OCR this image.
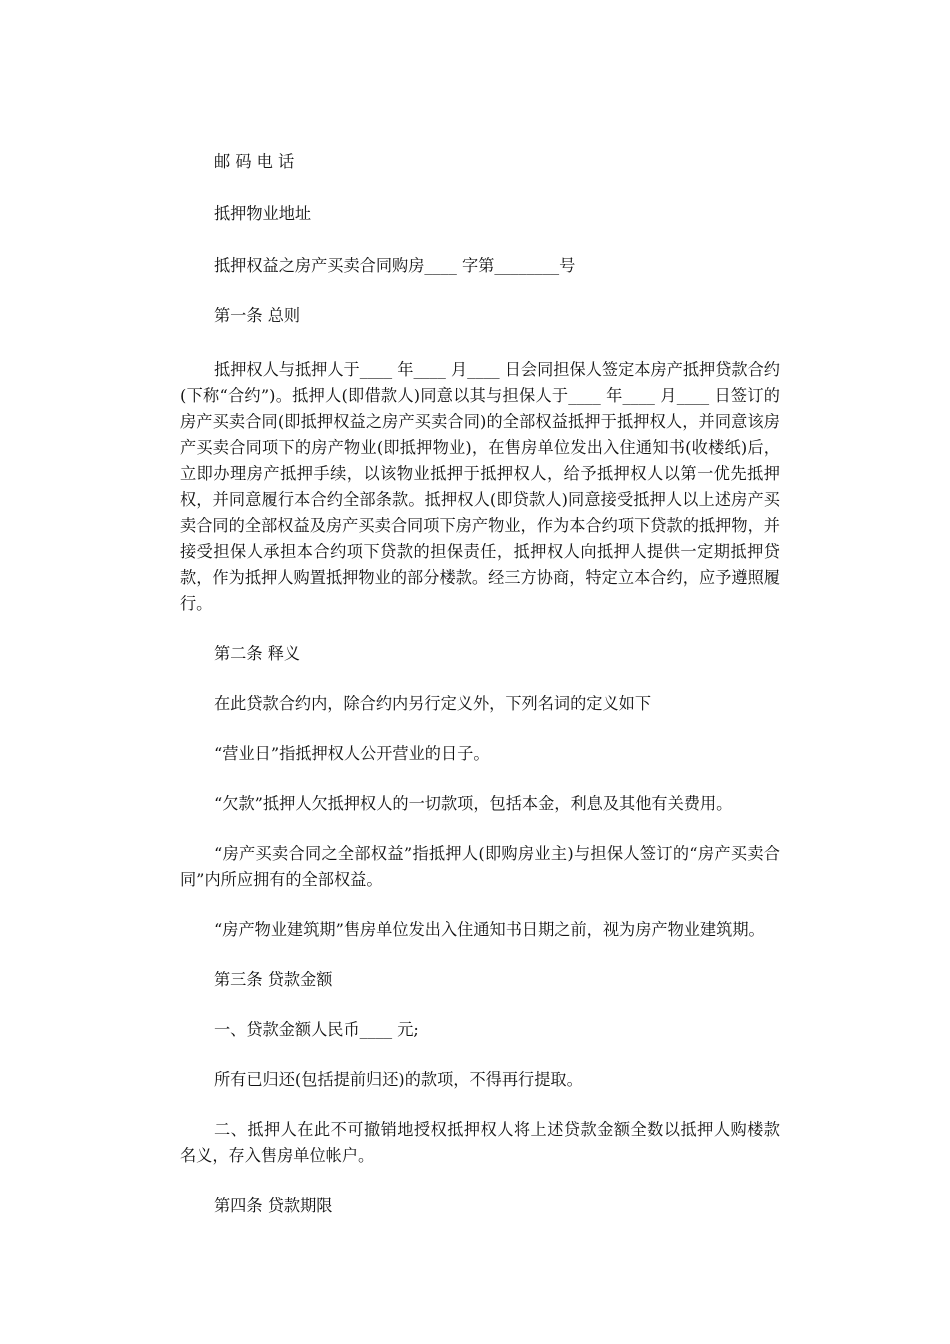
邮 码 电 话

抵押物业地址

抵押权益之房产买卖合同购房____ 字第________号

第一条 总则

抵押权人与抵押人于____ 年____ 月____ 日会同担保人签定本房产抵押贷款合约(下称“合约”)。抵押人(即借款人)同意以其与担保人于____ 年____ 月____ 日签订的房产买卖合同(即抵押权益之房产买卖合同)的全部权益抵押于抵押权人，并同意该房产买卖合同项下的房产物业(即抵押物业)，在售房单位发出入住通知书(收楼纸)后，立即办理房产抵押手续，以该物业抵押于抵押权人，给予抵押权人以第一优先抵押权，并同意履行本合约全部条款。抵押权人(即贷款人)同意接受抵押人以上述房产买卖合同的全部权益及房产买卖合同项下房产物业，作为本合约项下贷款的抵押物，并接受担保人承担本合约项下贷款的担保责任，抵押权人向抵押人提供一定期抵押贷款，作为抵押人购置抵押物业的部分楼款。经三方协商，特定立本合约，应予遵照履行。

第二条 释义

在此贷款合约内，除合约内另行定义外，下列名词的定义如下

“营业日”指抵押权人公开营业的日子。

“欠款”抵押人欠抵押权人的一切款项，包括本金，利息及其他有关费用。

“房产买卖合同之全部权益”指抵押人(即购房业主)与担保人签订的“房产买卖合同”内所应拥有的全部权益。

“房产物业建筑期”售房单位发出入住通知书日期之前，视为房产物业建筑期。

第三条 贷款金额

一、贷款金额人民币____ 元;

所有已归还(包括提前归还)的款项，不得再行提取。

二、抵押人在此不可撤销地授权抵押权人将上述贷款金额全数以抵押人购楼款名义，存入售房单位帐户。

第四条 贷款期限
